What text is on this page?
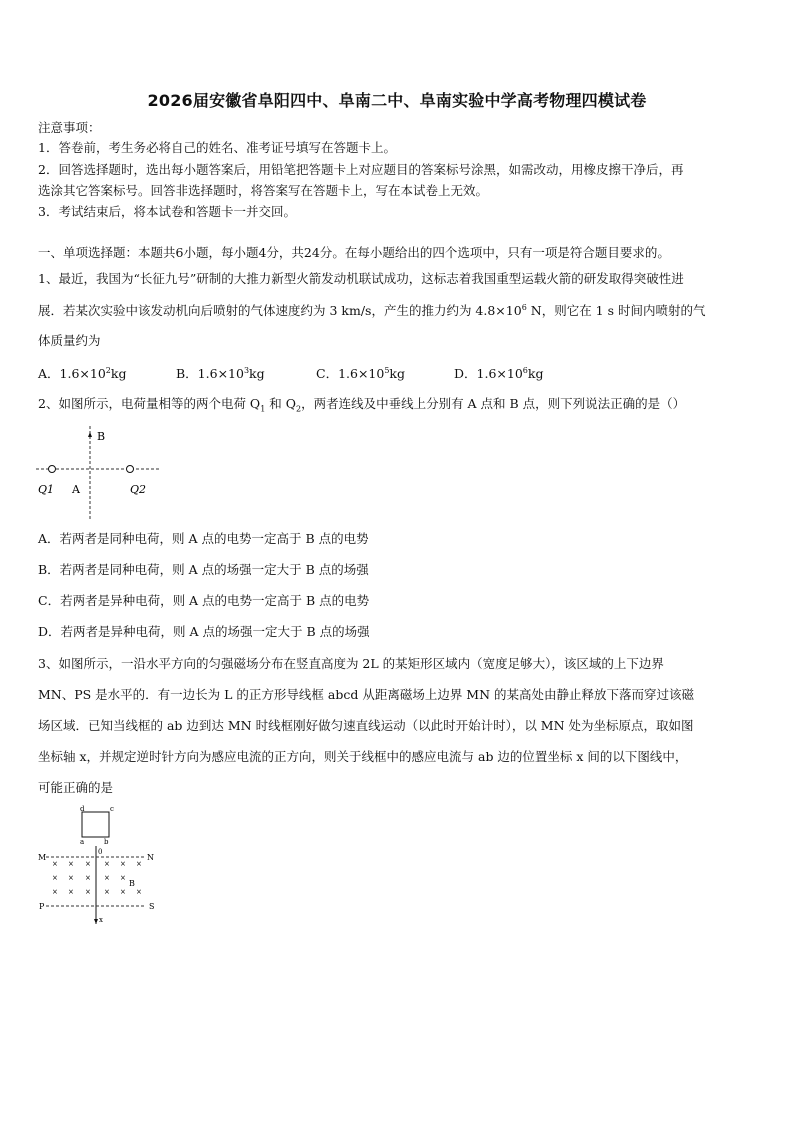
2026届安徽省阜阳四中、阜南二中、阜南实验中学高考物理四模试卷
注意事项：
1．答卷前，考生务必将自己的姓名、准考证号填写在答题卡上。
2．回答选择题时，选出每小题答案后，用铅笔把答题卡上对应题目的答案标号涂黑，如需改动，用橡皮擦干净后，再
选涂其它答案标号。回答非选择题时，将答案写在答题卡上，写在本试卷上无效。
3．考试结束后，将本试卷和答题卡一并交回。
一、单项选择题：本题共6小题，每小题4分，共24分。在每小题给出的四个选项中，只有一项是符合题目要求的。
1、最近，我国为“长征九号”研制的大推力新型火箭发动机联试成功，这标志着我国重型运载火箭的研发取得突破性进
展．若某次实验中该发动机向后喷射的气体速度约为 3 km/s，产生的推力约为 $4.8\times 10^6$ N，则它在 1 s 时间内喷射的气
体质量约为
A．$1.6\times 10^2kg$	B．$1.6\times 10^3kg$	C．$1.6\times 10^5kg$	D．$1.6\times 10^6kg$
2、如图所示，电荷量相等的两个电荷 $Q_1$ 和 $Q_2$，两者连线及中垂线上分别有 A 点和 B 点，则下列说法正确的是（）
B
A
Q1	Q2
A．若两者是同种电荷，则 A 点的电势一定高于 B 点的电势
B．若两者是同种电荷，则 A 点的场强一定大于 B 点的场强
C．若两者是异种电荷，则 A 点的电势一定高于 B 点的电势
D．若两者是异种电荷，则 A 点的场强一定大于 B 点的场强
3、如图所示，一沿水平方向的匀强磁场分布在竖直高度为 2L 的某矩形区域内（宽度足够大），该区域的上下边界
MN、PS 是水平的．有一边长为 L 的正方形导线框 abcd 从距离磁场上边界 MN 的某高处由静止释放下落而穿过该磁
场区域．已知当线框的 ab 边到达 MN 时线框刚好做匀速直线运动（以此时开始计时），以 MN 处为坐标原点，取如图
坐标轴 x，并规定逆时针方向为感应电流的正方向，则关于线框中的感应电流与 ab 边的位置坐标 x 间的以下图线中，
可能正确的是
d	c
a	b
0
M	N
P	S
B
x
× × × × × ×
× × × × ×
× × × × × ×
